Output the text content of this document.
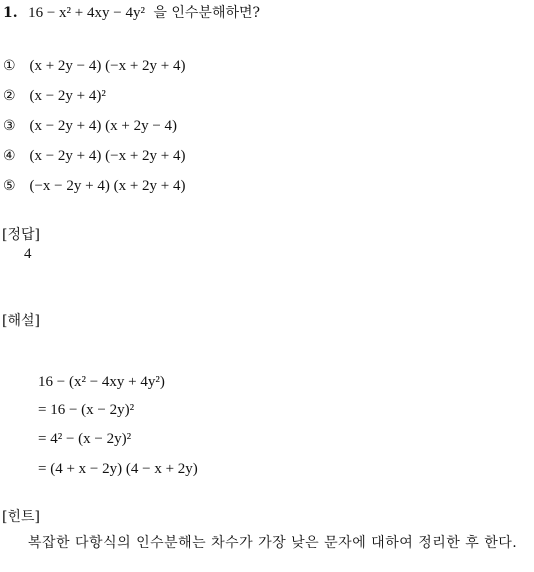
1. 16 − x² + 4xy − 4y² 을 인수분해하면?
① (x + 2y − 4) (−x + 2y + 4)
② (x − 2y + 4)²
③ (x − 2y + 4) (x + 2y − 4)
④ (x − 2y + 4) (−x + 2y + 4)
⑤ (−x − 2y + 4) (x + 2y + 4)
[정답]
4
[해설]
16 − (x² − 4xy + 4y²)
= 16 − (x − 2y)²
= 4² − (x − 2y)²
= (4 + x − 2y) (4 − x + 2y)
[힌트]
복잡한 다항식의 인수분해는 차수가 가장 낮은 문자에 대하여 정리한 후 한다.
